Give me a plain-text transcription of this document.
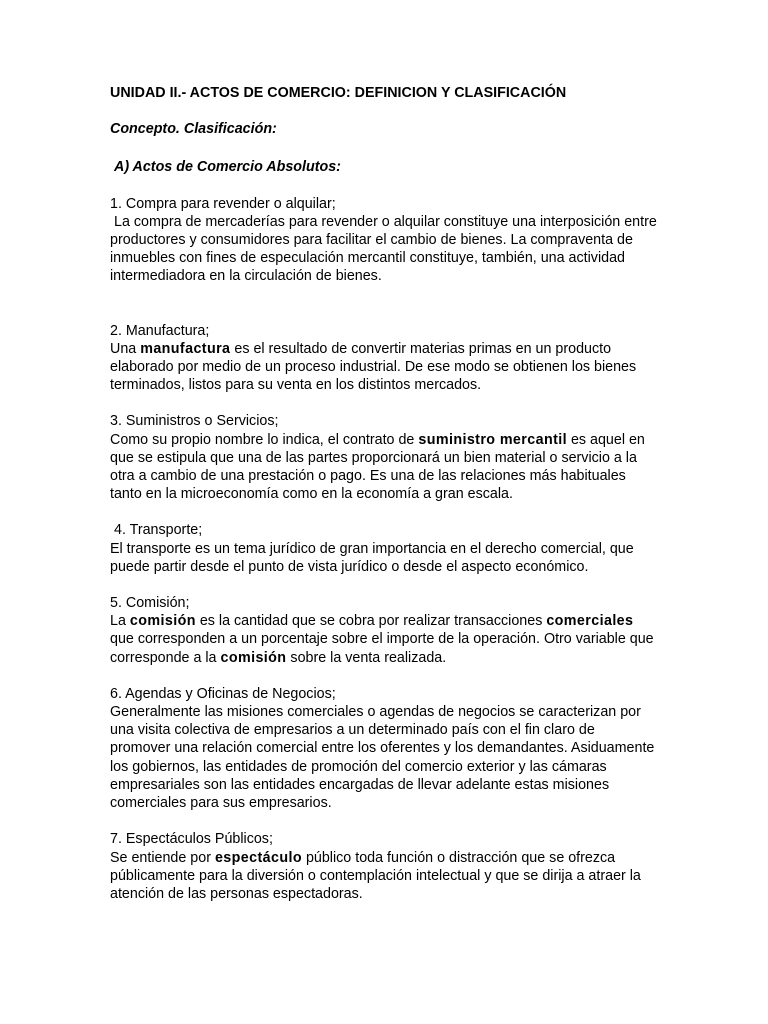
UNIDAD II.- ACTOS DE COMERCIO: DEFINICION Y CLASIFICACIÓN
Concepto. Clasificación:
A) Actos de Comercio Absolutos:
1. Compra para revender o alquilar;
La compra de mercaderías para revender o alquilar constituye una interposición entre productores y consumidores para facilitar el cambio de bienes. La compraventa de inmuebles con fines de especulación mercantil constituye, también, una actividad intermediadora en la circulación de bienes.
2. Manufactura;
Una manufactura es el resultado de convertir materias primas en un producto elaborado por medio de un proceso industrial. De ese modo se obtienen los bienes terminados, listos para su venta en los distintos mercados.
3. Suministros o Servicios;
Como su propio nombre lo indica, el contrato de suministro mercantil es aquel en que se estipula que una de las partes proporcionará un bien material o servicio a la otra a cambio de una prestación o pago. Es una de las relaciones más habituales tanto en la microeconomía como en la economía a gran escala.
4. Transporte;
El transporte es un tema jurídico de gran importancia en el derecho comercial, que puede partir desde el punto de vista jurídico o desde el aspecto económico.
5. Comisión;
La comisión es la cantidad que se cobra por realizar transacciones comerciales que corresponden a un porcentaje sobre el importe de la operación. Otro variable que corresponde a la comisión sobre la venta realizada.
6. Agendas y Oficinas de Negocios;
Generalmente las misiones comerciales o agendas de negocios se caracterizan por una visita colectiva de empresarios a un determinado país con el fin claro de promover una relación comercial entre los oferentes y los demandantes. Asiduamente los gobiernos, las entidades de promoción del comercio exterior y las cámaras empresariales son las entidades encargadas de llevar adelante estas misiones comerciales para sus empresarios.
7. Espectáculos Públicos;
Se entiende por espectáculo público toda función o distracción que se ofrezca públicamente para la diversión o contemplación intelectual y que se dirija a atraer la atención de las personas espectadoras.
